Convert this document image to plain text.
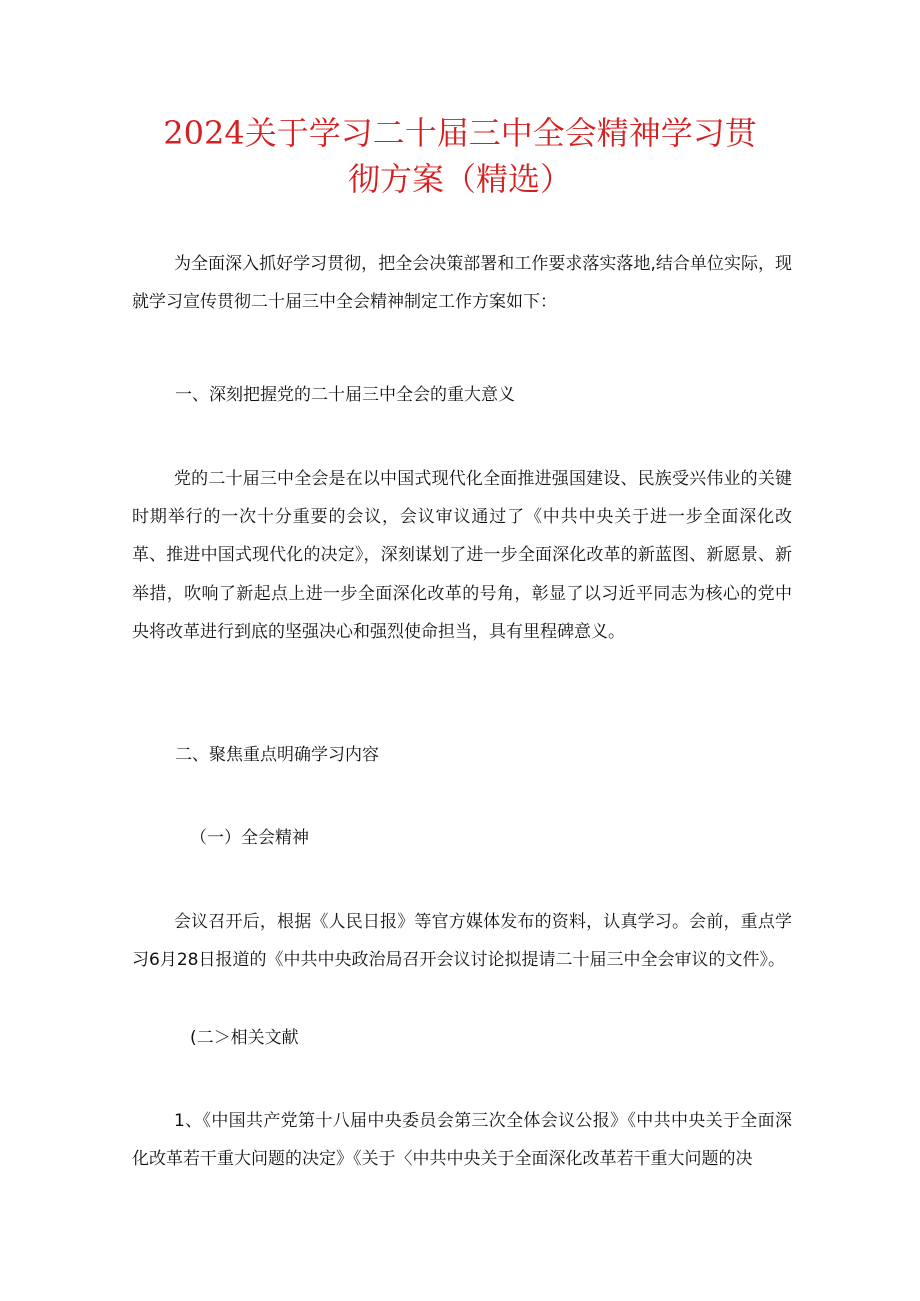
2024关于学习二十届三中全会精神学习贯
彻方案（精选）

为全面深入抓好学习贯彻，把全会决策部署和工作要求落实落地,结合单位实际，现就学习宣传贯彻二十届三中全会精神制定工作方案如下：

一、深刻把握党的二十届三中全会的重大意义

党的二十届三中全会是在以中国式现代化全面推进强国建设、民族受兴伟业的关键时期举行的一次十分重要的会议，会议审议通过了《中共中央关于进一步全面深化改革、推进中国式现代化的决定》，深刻谋划了进一步全面深化改革的新蓝图、新愿景、新举措，吹响了新起点上进一步全面深化改革的号角，彰显了以习近平同志为核心的党中央将改革进行到底的坚强决心和强烈使命担当，具有里程碑意义。

二、聚焦重点明确学习内容

（一）全会精神

会议召开后，根据《人民日报》等官方媒体发布的资料，认真学习。会前，重点学习6月28日报道的《中共中央政治局召开会议讨论拟提请二十届三中全会审议的文件》。

(二＞相关文献

1、《中国共产党第十八届中央委员会第三次全体会议公报》《中共中央关于全面深化改革若干重大问题的决定》《关于〈中共中央关于全面深化改革若干重大问题的决
